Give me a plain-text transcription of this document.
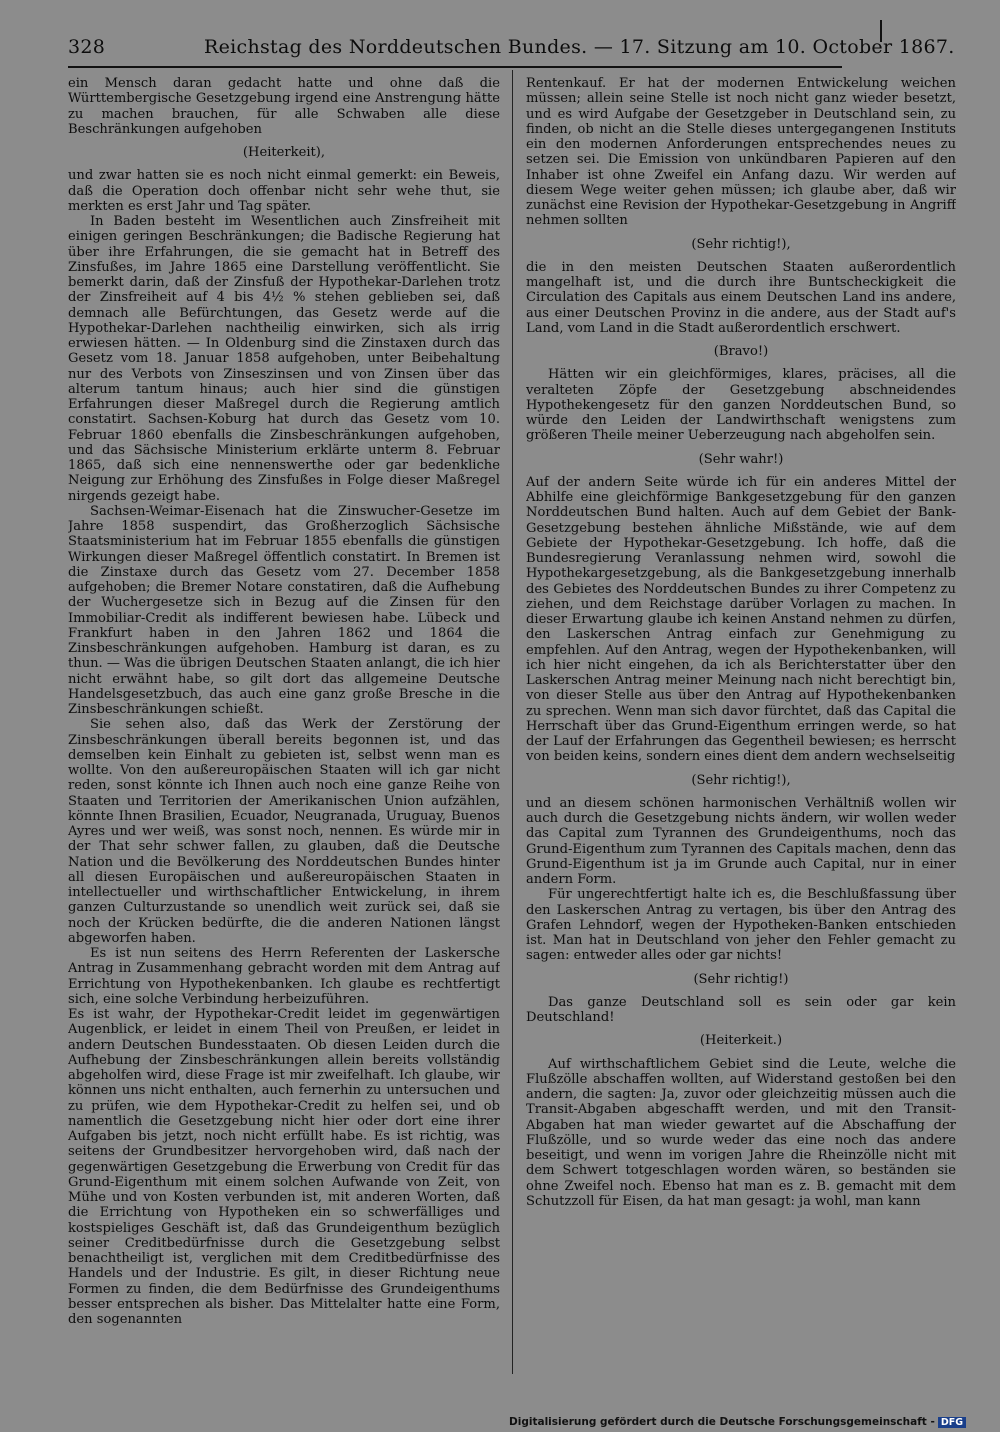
328	Reichstag des Norddeutschen Bundes. — 17. Sitzung am 10. October 1867.

ein Mensch daran gedacht hatte und ohne daß die Württembergische Gesetzgebung irgend eine Anstrengung hätte zu machen brauchen, für alle Schwaben alle diese Beschränkungen aufgehoben

(Heiterkeit),

und zwar hatten sie es noch nicht einmal gemerkt: ein Beweis, daß die Operation doch offenbar nicht sehr wehe thut, sie merkten es erst Jahr und Tag später.

In Baden besteht im Wesentlichen auch Zinsfreiheit mit einigen geringen Beschränkungen; die Badische Regierung hat über ihre Erfahrungen, die sie gemacht hat in Betreff des Zinsfußes, im Jahre 1865 eine Darstellung veröffentlicht. Sie bemerkt darin, daß der Zinsfuß der Hypothekar-Darlehen trotz der Zinsfreiheit auf 4 bis 4½ % stehen geblieben sei, daß demnach alle Befürchtungen, das Gesetz werde auf die Hypothekar-Darlehen nachtheilig einwirken, sich als irrig erwiesen hätten. — In Oldenburg sind die Zinstaxen durch das Gesetz vom 18. Januar 1858 aufgehoben, unter Beibehaltung nur des Verbots von Zinseszinsen und von Zinsen über das alterum tantum hinaus; auch hier sind die günstigen Erfahrungen dieser Maßregel durch die Regierung amtlich constatirt. Sachsen-Koburg hat durch das Gesetz vom 10. Februar 1860 ebenfalls die Zinsbeschränkungen aufgehoben, und das Sächsische Ministerium erklärte unterm 8. Februar 1865, daß sich eine nennenswerthe oder gar bedenkliche Neigung zur Erhöhung des Zinsfußes in Folge dieser Maßregel nirgends gezeigt habe.

Sachsen-Weimar-Eisenach hat die Zinswucher-Gesetze im Jahre 1858 suspendirt, das Großherzoglich Sächsische Staatsministerium hat im Februar 1855 ebenfalls die günstigen Wirkungen dieser Maßregel öffentlich constatirt. In Bremen ist die Zinstaxe durch das Gesetz vom 27. December 1858 aufgehoben; die Bremer Notare constatiren, daß die Aufhebung der Wuchergesetze sich in Bezug auf die Zinsen für den Immobiliar-Credit als indifferent bewiesen habe. Lübeck und Frankfurt haben in den Jahren 1862 und 1864 die Zinsbeschränkungen aufgehoben. Hamburg ist daran, es zu thun. — Was die übrigen Deutschen Staaten anlangt, die ich hier nicht erwähnt habe, so gilt dort das allgemeine Deutsche Handelsgesetzbuch, das auch eine ganz große Bresche in die Zinsbeschränkungen schießt.

Sie sehen also, daß das Werk der Zerstörung der Zinsbeschränkungen überall bereits begonnen ist, und das demselben kein Einhalt zu gebieten ist, selbst wenn man es wollte. Von den außereuropäischen Staaten will ich gar nicht reden, sonst könnte ich Ihnen auch noch eine ganze Reihe von Staaten und Territorien der Amerikanischen Union aufzählen, könnte Ihnen Brasilien, Ecuador, Neugranada, Uruguay, Buenos Ayres und wer weiß, was sonst noch, nennen. Es würde mir in der That sehr schwer fallen, zu glauben, daß die Deutsche Nation und die Bevölkerung des Norddeutschen Bundes hinter all diesen Europäischen und außereuropäischen Staaten in intellectueller und wirthschaftlicher Entwickelung, in ihrem ganzen Culturzustande so unendlich weit zurück sei, daß sie noch der Krücken bedürfte, die die anderen Nationen längst abgeworfen haben.

Es ist nun seitens des Herrn Referenten der Laskersche Antrag in Zusammenhang gebracht worden mit dem Antrag auf Errichtung von Hypothekenbanken. Ich glaube es rechtfertigt sich, eine solche Verbindung herbeizuführen.

Es ist wahr, der Hypothekar-Credit leidet im gegenwärtigen Augenblick, er leidet in einem Theil von Preußen, er leidet in andern Deutschen Bundesstaaten. Ob diesen Leiden durch die Aufhebung der Zinsbeschränkungen allein bereits vollständig abgeholfen wird, diese Frage ist mir zweifelhaft. Ich glaube, wir können uns nicht enthalten, auch fernerhin zu untersuchen und zu prüfen, wie dem Hypothekar-Credit zu helfen sei, und ob namentlich die Gesetzgebung nicht hier oder dort eine ihrer Aufgaben bis jetzt, noch nicht erfüllt habe. Es ist richtig, was seitens der Grundbesitzer hervorgehoben wird, daß nach der gegenwärtigen Gesetzgebung die Erwerbung von Credit für das Grund-Eigenthum mit einem solchen Aufwande von Zeit, von Mühe und von Kosten verbunden ist, mit anderen Worten, daß die Errichtung von Hypotheken ein so schwerfälliges und kostspieliges Geschäft ist, daß das Grundeigenthum bezüglich seiner Creditbedürfnisse durch die Gesetzgebung selbst benachtheiligt ist, verglichen mit dem Creditbedürfnisse des Handels und der Industrie. Es gilt, in dieser Richtung neue Formen zu finden, die dem Bedürfnisse des Grundeigenthums besser entsprechen als bisher. Das Mittelalter hatte eine Form, den sogenannten

Rentenkauf. Er hat der modernen Entwickelung weichen müssen; allein seine Stelle ist noch nicht ganz wieder besetzt, und es wird Aufgabe der Gesetzgeber in Deutschland sein, zu finden, ob nicht an die Stelle dieses untergegangenen Instituts ein den modernen Anforderungen entsprechendes neues zu setzen sei. Die Emission von unkündbaren Papieren auf den Inhaber ist ohne Zweifel ein Anfang dazu. Wir werden auf diesem Wege weiter gehen müssen; ich glaube aber, daß wir zunächst eine Revision der Hypothekar-Gesetzgebung in Angriff nehmen sollten

(Sehr richtig!),

die in den meisten Deutschen Staaten außerordentlich mangelhaft ist, und die durch ihre Buntscheckigkeit die Circulation des Capitals aus einem Deutschen Land ins andere, aus einer Deutschen Provinz in die andere, aus der Stadt auf's Land, vom Land in die Stadt außerordentlich erschwert.

(Bravo!)

Hätten wir ein gleichförmiges, klares, präcises, all die veralteten Zöpfe der Gesetzgebung abschneidendes Hypothekengesetz für den ganzen Norddeutschen Bund, so würde den Leiden der Landwirthschaft wenigstens zum größeren Theile meiner Ueberzeugung nach abgeholfen sein.

(Sehr wahr!)

Auf der andern Seite würde ich für ein anderes Mittel der Abhilfe eine gleichförmige Bankgesetzgebung für den ganzen Norddeutschen Bund halten. Auch auf dem Gebiet der Bank-Gesetzgebung bestehen ähnliche Mißstände, wie auf dem Gebiete der Hypothekar-Gesetzgebung. Ich hoffe, daß die Bundesregierung Veranlassung nehmen wird, sowohl die Hypothekargesetzgebung, als die Bankgesetzgebung innerhalb des Gebietes des Norddeutschen Bundes zu ihrer Competenz zu ziehen, und dem Reichstage darüber Vorlagen zu machen. In dieser Erwartung glaube ich keinen Anstand nehmen zu dürfen, den Laskerschen Antrag einfach zur Genehmigung zu empfehlen. Auf den Antrag, wegen der Hypothekenbanken, will ich hier nicht eingehen, da ich als Berichterstatter über den Laskerschen Antrag meiner Meinung nach nicht berechtigt bin, von dieser Stelle aus über den Antrag auf Hypothekenbanken zu sprechen. Wenn man sich davor fürchtet, daß das Capital die Herrschaft über das Grund-Eigenthum erringen werde, so hat der Lauf der Erfahrungen das Gegentheil bewiesen; es herrscht von beiden keins, sondern eines dient dem andern wechselseitig

(Sehr richtig!),

und an diesem schönen harmonischen Verhältniß wollen wir auch durch die Gesetzgebung nichts ändern, wir wollen weder das Capital zum Tyrannen des Grundeigenthums, noch das Grund-Eigenthum zum Tyrannen des Capitals machen, denn das Grund-Eigenthum ist ja im Grunde auch Capital, nur in einer andern Form.

Für ungerechtfertigt halte ich es, die Beschlußfassung über den Laskerschen Antrag zu vertagen, bis über den Antrag des Grafen Lehndorf, wegen der Hypotheken-Banken entschieden ist. Man hat in Deutschland von jeher den Fehler gemacht zu sagen: entweder alles oder gar nichts!

(Sehr richtig!)

Das ganze Deutschland soll es sein oder gar kein Deutschland!

(Heiterkeit.)

Auf wirthschaftlichem Gebiet sind die Leute, welche die Flußzölle abschaffen wollten, auf Widerstand gestoßen bei den andern, die sagten: Ja, zuvor oder gleichzeitig müssen auch die Transit-Abgaben abgeschafft werden, und mit den Transit-Abgaben hat man wieder gewartet auf die Abschaffung der Flußzölle, und so wurde weder das eine noch das andere beseitigt, und wenn im vorigen Jahre die Rheinzölle nicht mit dem Schwert totgeschlagen worden wären, so beständen sie ohne Zweifel noch. Ebenso hat man es z. B. gemacht mit dem Schutzzoll für Eisen, da hat man gesagt: ja wohl, man kann

Digitalisierung gefördert durch die Deutsche Forschungsgemeinschaft - DFG
